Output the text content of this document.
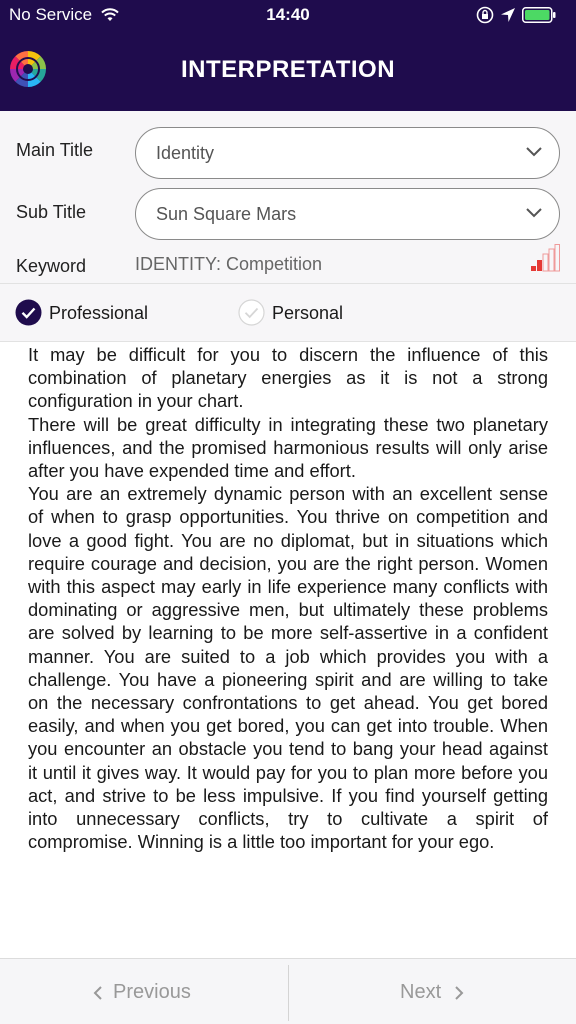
No Service	14:40
INTERPRETATION
Main Title	Identity
Sub Title	Sun Square Mars
Keyword	IDENTITY: Competition
Professional	Personal

It may be difficult for you to discern the influence of this combination of planetary energies as it is not a strong configuration in your chart.

There will be great difficulty in integrating these two planetary influences, and the promised harmonious results will only arise after you have expended time and effort.

You are an extremely dynamic person with an excellent sense of when to grasp opportunities. You thrive on competition and love a good fight. You are no diplomat, but in situations which require courage and decision, you are the right person. Women with this aspect may early in life experience many conflicts with dominating or aggressive men, but ultimately these problems are solved by learning to be more self-assertive in a confident manner. You are suited to a job which provides you with a challenge. You have a pioneering spirit and are willing to take on the necessary confrontations to get ahead. You get bored easily, and when you get bored, you can get into trouble. When you encounter an obstacle you tend to bang your head against it until it gives way. It would pay for you to plan more before you act, and strive to be less impulsive. If you find yourself getting into unnecessary conflicts, try to cultivate a spirit of compromise. Winning is a little too important for your ego.

Previous	Next
